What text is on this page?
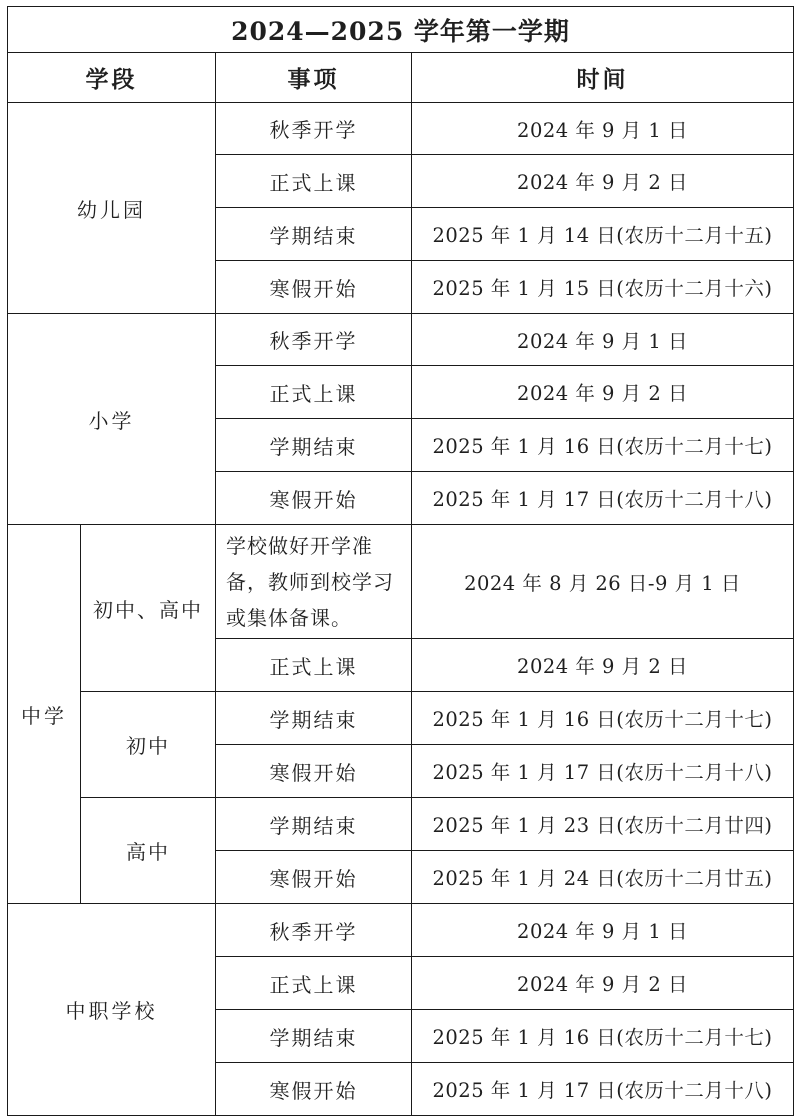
2024—2025 学年第一学期			
学段		事项	时间
幼儿园		秋季开学	2024 年 9 月 1 日
		正式上课	2024 年 9 月 2 日
		学期结束	2025 年 1 月 14 日(农历十二月十五)
		寒假开始	2025 年 1 月 15 日(农历十二月十六)
小学		秋季开学	2024 年 9 月 1 日
		正式上课	2024 年 9 月 2 日
		学期结束	2025 年 1 月 16 日(农历十二月十七)
		寒假开始	2025 年 1 月 17 日(农历十二月十八)
中学	初中、高中	学校做好开学准备，教师到校学习或集体备课。	2024 年 8 月 26 日-9 月 1 日
		正式上课	2024 年 9 月 2 日
	初中	学期结束	2025 年 1 月 16 日(农历十二月十七)
		寒假开始	2025 年 1 月 17 日(农历十二月十八)
	高中	学期结束	2025 年 1 月 23 日(农历十二月廿四)
		寒假开始	2025 年 1 月 24 日(农历十二月廿五)
中职学校		秋季开学	2024 年 9 月 1 日
		正式上课	2024 年 9 月 2 日
		学期结束	2025 年 1 月 16 日(农历十二月十七)
		寒假开始	2025 年 1 月 17 日(农历十二月十八)
